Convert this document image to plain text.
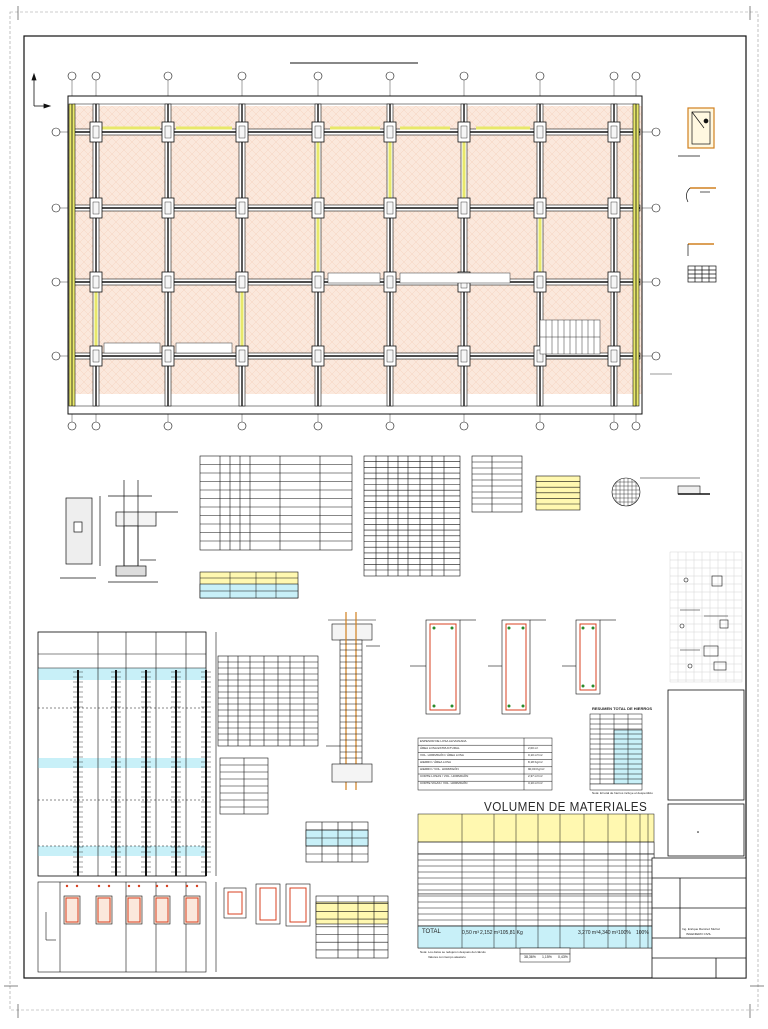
VOLUMEN DE MATERIALES
RESUMEN TOTAL DE HIERROS
Nota: El total de hierros incluye el desperdicio
TOTAL	0,50 m³ 2,152 m³ 105,81 Kg	3,270 m³ 4,340 m³ 100% 100%
38,36% 1,15% 0,43%
Nota: Los datos se redujeron después del cálculo
Valores con tiempo aleatorio
ESPESOR DE LOSA ALIVIANADA
ÁREA LOSA ESTRUCTURAL
VOL. HORMIGÓN / ÁREA LOSA
HIERRO / ÁREA LOSA
HIERRO / VOL. HORMIGÓN
CORTE LOSAS / VOL. HORMIGÓN
CORTE VIGAS / VOL. HORMIGÓN
2,00 m²
0,10 m³/m²
8,18 Kg/m²
90,00 Kg/m³
2,37 m²/m³
3,10 m²/m³
Ing. Enrique Ramirez Muñoz
INGENIERO CIVIL
